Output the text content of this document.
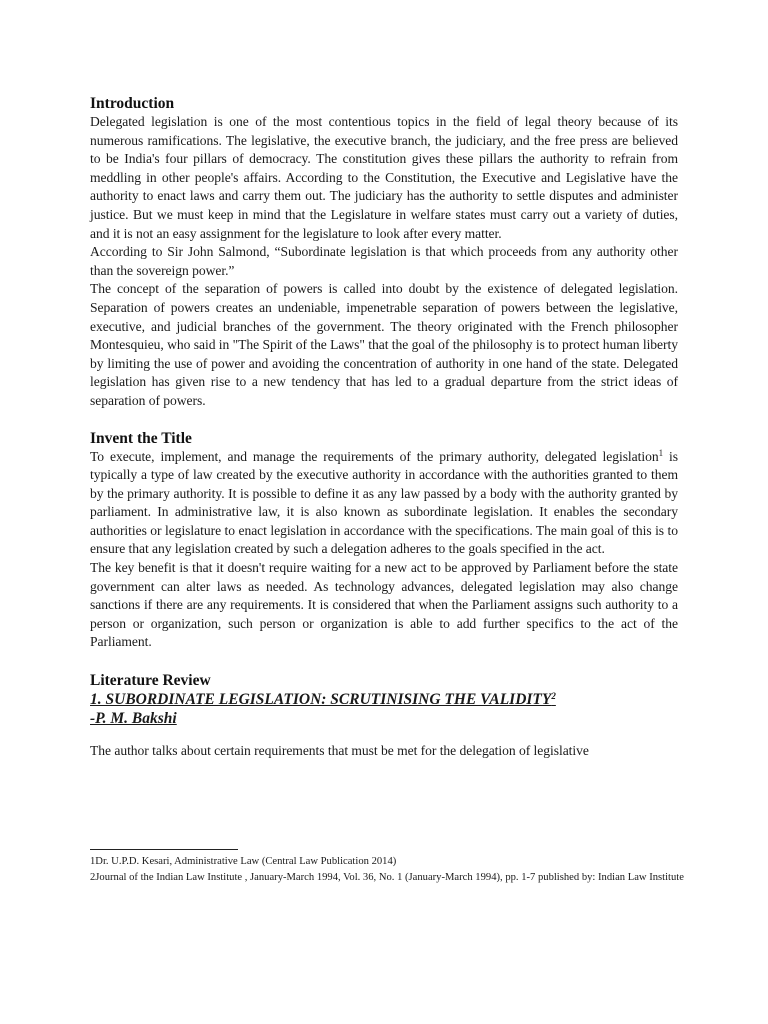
Introduction

Delegated legislation is one of the most contentious topics in the field of legal theory because of its numerous ramifications. The legislative, the executive branch, the judiciary, and the free press are believed to be India's four pillars of democracy. The constitution gives these pillars the authority to refrain from meddling in other people's affairs. According to the Constitution, the Executive and Legislative have the authority to enact laws and carry them out. The judiciary has the authority to settle disputes and administer justice. But we must keep in mind that the Legislature in welfare states must carry out a variety of duties, and it is not an easy assignment for the legislature to look after every matter.

According to Sir John Salmond, “Subordinate legislation is that which proceeds from any authority other than the sovereign power.”

The concept of the separation of powers is called into doubt by the existence of delegated legislation. Separation of powers creates an undeniable, impenetrable separation of powers between the legislative, executive, and judicial branches of the government. The theory originated with the French philosopher Montesquieu, who said in "The Spirit of the Laws" that the goal of the philosophy is to protect human liberty by limiting the use of power and avoiding the concentration of authority in one hand of the state. Delegated legislation has given rise to a new tendency that has led to a gradual departure from the strict ideas of separation of powers.

Invent the Title

To execute, implement, and manage the requirements of the primary authority, delegated legislation$^1$ is typically a type of law created by the executive authority in accordance with the authorities granted to them by the primary authority. It is possible to define it as any law passed by a body with the authority granted by parliament. In administrative law, it is also known as subordinate legislation. It enables the secondary authorities or legislature to enact legislation in accordance with the specifications. The main goal of this is to ensure that any legislation created by such a delegation adheres to the goals specified in the act.

The key benefit is that it doesn't require waiting for a new act to be approved by Parliament before the state government can alter laws as needed. As technology advances, delegated legislation may also change sanctions if there are any requirements. It is considered that when the Parliament assigns such authority to a person or organization, such person or organization is able to add further specifics to the act of the Parliament.

Literature Review
1. SUBORDINATE LEGISLATION: SCRUTINISING THE VALIDITY$^2$
-P. M. Bakshi

The author talks about certain requirements that must be met for the delegation of legislative

1Dr. U.P.D. Kesari, Administrative Law (Central Law Publication 2014)
2Journal of the Indian Law Institute , January-March 1994, Vol. 36, No. 1 (January-March 1994), pp. 1-7 published by: Indian Law Institute
